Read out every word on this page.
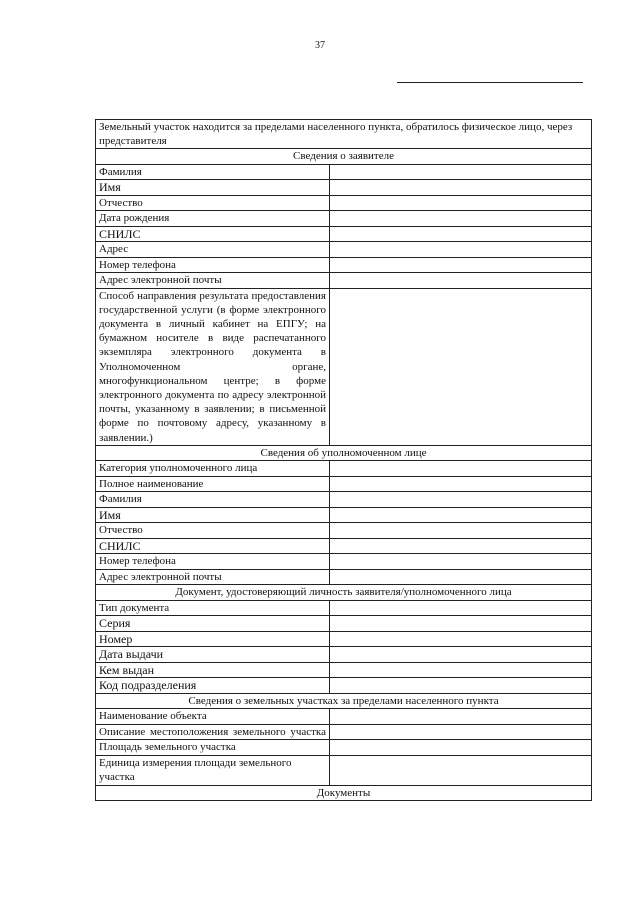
37
Земельный участок находится за пределами населенного пункта, обратилось физическое лицо, через представителя	
Сведения о заявителе	
Фамилия	
Имя	
Отчество	
Дата рождения	
СНИЛС	
Адрес	
Номер телефона	
Адрес электронной почты	
Способ направления результата предоставления государственной услуги (в форме электронного документа в личный кабинет на ЕПГУ; на бумажном носителе в виде распечатанного экземпляра электронного документа в Уполномоченном органе, многофункциональном центре; в форме электронного документа по адресу электронной почты, указанному в заявлении; в письменной форме по почтовому адресу, указанному в заявлении.)	
Сведения об уполномоченном лице	
Категория уполномоченного лица	
Полное наименование	
Фамилия	
Имя	
Отчество	
СНИЛС	
Номер телефона	
Адрес электронной почты	
Документ, удостоверяющий личность заявителя/уполномоченного лица	
Тип документа	
Серия	
Номер	
Дата выдачи	
Кем выдан	
Код подразделения	
Сведения о земельных участках за пределами населенного пункта	
Наименование объекта	
Описание местоположения земельного участка	
Площадь земельного участка	
Единица измерения площади земельного участка	
Документы	
